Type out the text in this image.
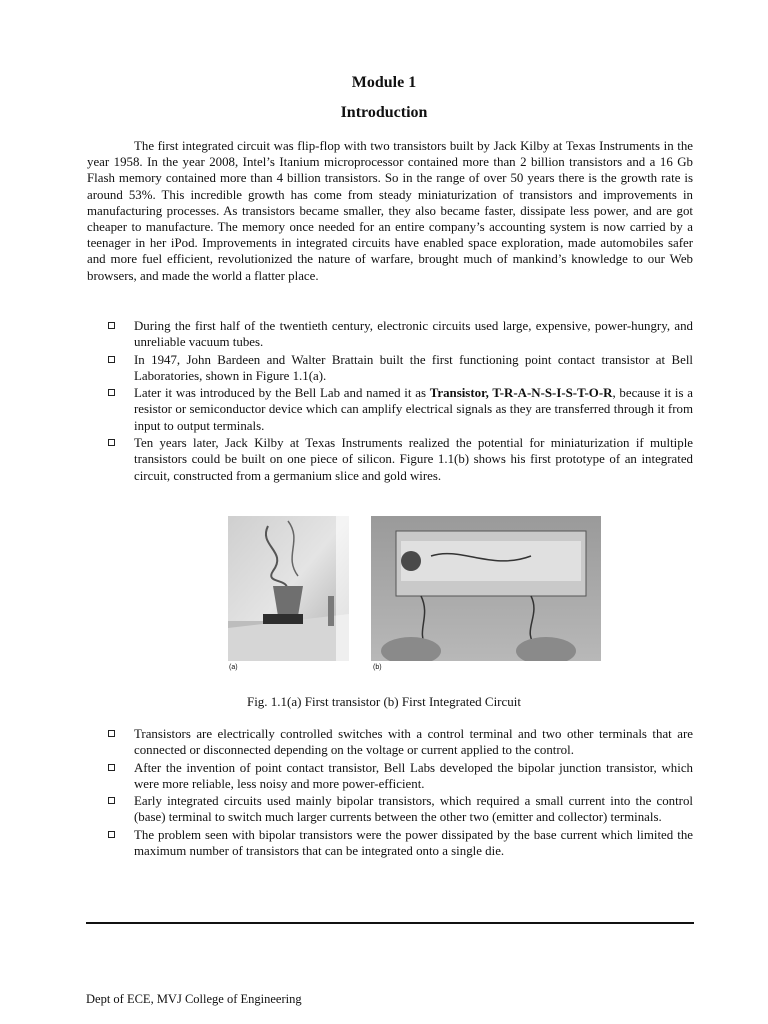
Module 1
Introduction

The first integrated circuit was flip-flop with two transistors built by Jack Kilby at Texas Instruments in the year 1958. In the year 2008, Intel’s Itanium microprocessor contained more than 2 billion transistors and a 16 Gb Flash memory contained more than 4 billion transistors. So in the range of over 50 years there is the growth rate is around 53%. This incredible growth has come from steady miniaturization of transistors and improvements in manufacturing processes. As transistors became smaller, they also became faster, dissipate less power, and are got cheaper to manufacture. The memory once needed for an entire company’s accounting system is now carried by a teenager in her iPod. Improvements in integrated circuits have enabled space exploration, made automobiles safer and more fuel efficient, revolutionized the nature of warfare, brought much of mankind’s knowledge to our Web browsers, and made the world a flatter place.

During the first half of the twentieth century, electronic circuits used large, expensive, power-hungry, and unreliable vacuum tubes.
In 1947, John Bardeen and Walter Brattain built the first functioning point contact transistor at Bell Laboratories, shown in Figure 1.1(a).
Later it was introduced by the Bell Lab and named it as Transistor, T-R-A-N-S-I-S-T-O-R, because it is a resistor or semiconductor device which can amplify electrical signals as they are transferred through it from input to output terminals.
Ten years later, Jack Kilby at Texas Instruments realized the potential for miniaturization if multiple transistors could be built on one piece of silicon. Figure 1.1(b) shows his first prototype of an integrated circuit, constructed from a germanium slice and gold wires.
(a)	(b)

Fig. 1.1(a) First transistor (b) First Integrated Circuit

Transistors are electrically controlled switches with a control terminal and two other terminals that are connected or disconnected depending on the voltage or current applied to the control.
After the invention of point contact transistor, Bell Labs developed the bipolar junction transistor, which were more reliable, less noisy and more power-efficient.
Early integrated circuits used mainly bipolar transistors, which required a small current into the control (base) terminal to switch much larger currents between the other two (emitter and collector) terminals.
The problem seen with bipolar transistors were the power dissipated by the base current which limited the maximum number of transistors that can be integrated onto a single die.

Dept of ECE, MVJ College of Engineering
